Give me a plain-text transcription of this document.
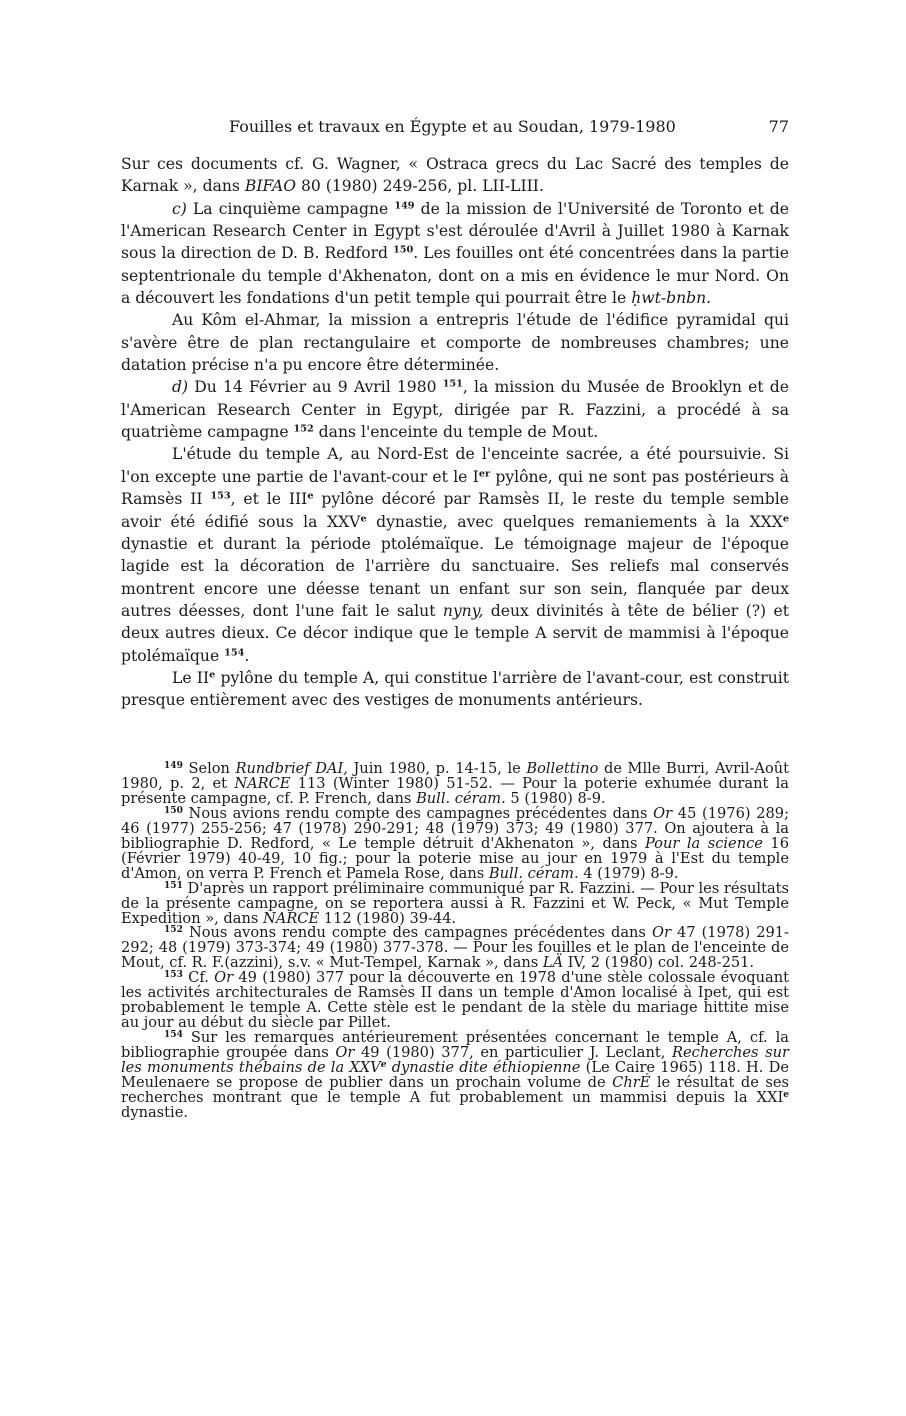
Fouilles et travaux en Égypte et au Soudan, 1979-1980	77

Sur ces documents cf. G. Wagner, « Ostraca grecs du Lac Sacré des temples de Karnak », dans BIFAO 80 (1980) 249-256, pl. LII-LIII.

c) La cinquième campagne $^{149}$ de la mission de l'Université de Toronto et de l'American Research Center in Egypt s'est déroulée d'Avril à Juillet 1980 à Karnak sous la direction de D. B. Redford $^{150}$. Les fouilles ont été concentrées dans la partie septentrionale du temple d'Akhenaton, dont on a mis en évidence le mur Nord. On a découvert les fondations d'un petit temple qui pourrait être le ḥwt-bnbn.

Au Kôm el-Ahmar, la mission a entrepris l'étude de l'édifice pyramidal qui s'avère être de plan rectangulaire et comporte de nombreuses chambres; une datation précise n'a pu encore être déterminée.

d) Du 14 Février au 9 Avril 1980 $^{151}$, la mission du Musée de Brooklyn et de l'American Research Center in Egypt, dirigée par R. Fazzini, a procédé à sa quatrième campagne $^{152}$ dans l'enceinte du temple de Mout.

L'étude du temple A, au Nord-Est de l'enceinte sacrée, a été poursuivie. Si l'on excepte une partie de l'avant-cour et le Ier pylône, qui ne sont pas postérieurs à Ramsès II $^{153}$, et le IIIe pylône décoré par Ramsès II, le reste du temple semble avoir été édifié sous la XXVe dynastie, avec quelques remaniements à la XXXe dynastie et durant la période ptolémaïque. Le témoignage majeur de l'époque lagide est la décoration de l'arrière du sanctuaire. Ses reliefs mal conservés montrent encore une déesse tenant un enfant sur son sein, flanquée par deux autres déesses, dont l'une fait le salut nyny, deux divinités à tête de bélier (?) et deux autres dieux. Ce décor indique que le temple A servit de mammisi à l'époque ptolémaïque $^{154}$.

Le IIe pylône du temple A, qui constitue l'arrière de l'avant-cour, est construit presque entièrement avec des vestiges de monuments antérieurs.

$^{149}$ Selon Rundbrief DAI, Juin 1980, p. 14-15, le Bollettino de Mlle Burri, Avril-Août 1980, p. 2, et NARCE 113 (Winter 1980) 51-52. — Pour la poterie exhumée durant la présente campagne, cf. P. French, dans Bull. céram. 5 (1980) 8-9.

$^{150}$ Nous avions rendu compte des campagnes précédentes dans Or 45 (1976) 289; 46 (1977) 255-256; 47 (1978) 290-291; 48 (1979) 373; 49 (1980) 377. On ajoutera à la bibliographie D. Redford, « Le temple détruit d'Akhenaton », dans Pour la science 16 (Février 1979) 40-49, 10 fig.; pour la poterie mise au jour en 1979 à l'Est du temple d'Amon, on verra P. French et Pamela Rose, dans Bull. céram. 4 (1979) 8-9.

$^{151}$ D'après un rapport préliminaire communiqué par R. Fazzini. — Pour les résultats de la présente campagne, on se reportera aussi à R. Fazzini et W. Peck, « Mut Temple Expedition », dans NARCE 112 (1980) 39-44.

$^{152}$ Nous avons rendu compte des campagnes précédentes dans Or 47 (1978) 291-292; 48 (1979) 373-374; 49 (1980) 377-378. — Pour les fouilles et le plan de l'enceinte de Mout, cf. R. F.(azzini), s.v. « Mut-Tempel, Karnak », dans LÄ IV, 2 (1980) col. 248-251.

$^{153}$ Cf. Or 49 (1980) 377 pour la découverte en 1978 d'une stèle colossale évoquant les activités architecturales de Ramsès II dans un temple d'Amon localisé à Ipet, qui est probablement le temple A. Cette stèle est le pendant de la stèle du mariage hittite mise au jour au début du siècle par Pillet.

$^{154}$ Sur les remarques antérieurement présentées concernant le temple A, cf. la bibliographie groupée dans Or 49 (1980) 377, en particulier J. Leclant, Recherches sur les monuments thébains de la XXVe dynastie dite éthiopienne (Le Caire 1965) 118. H. De Meulenaere se propose de publier dans un prochain volume de ChrÉ le résultat de ses recherches montrant que le temple A fut probablement un mammisi depuis la XXIe dynastie.
